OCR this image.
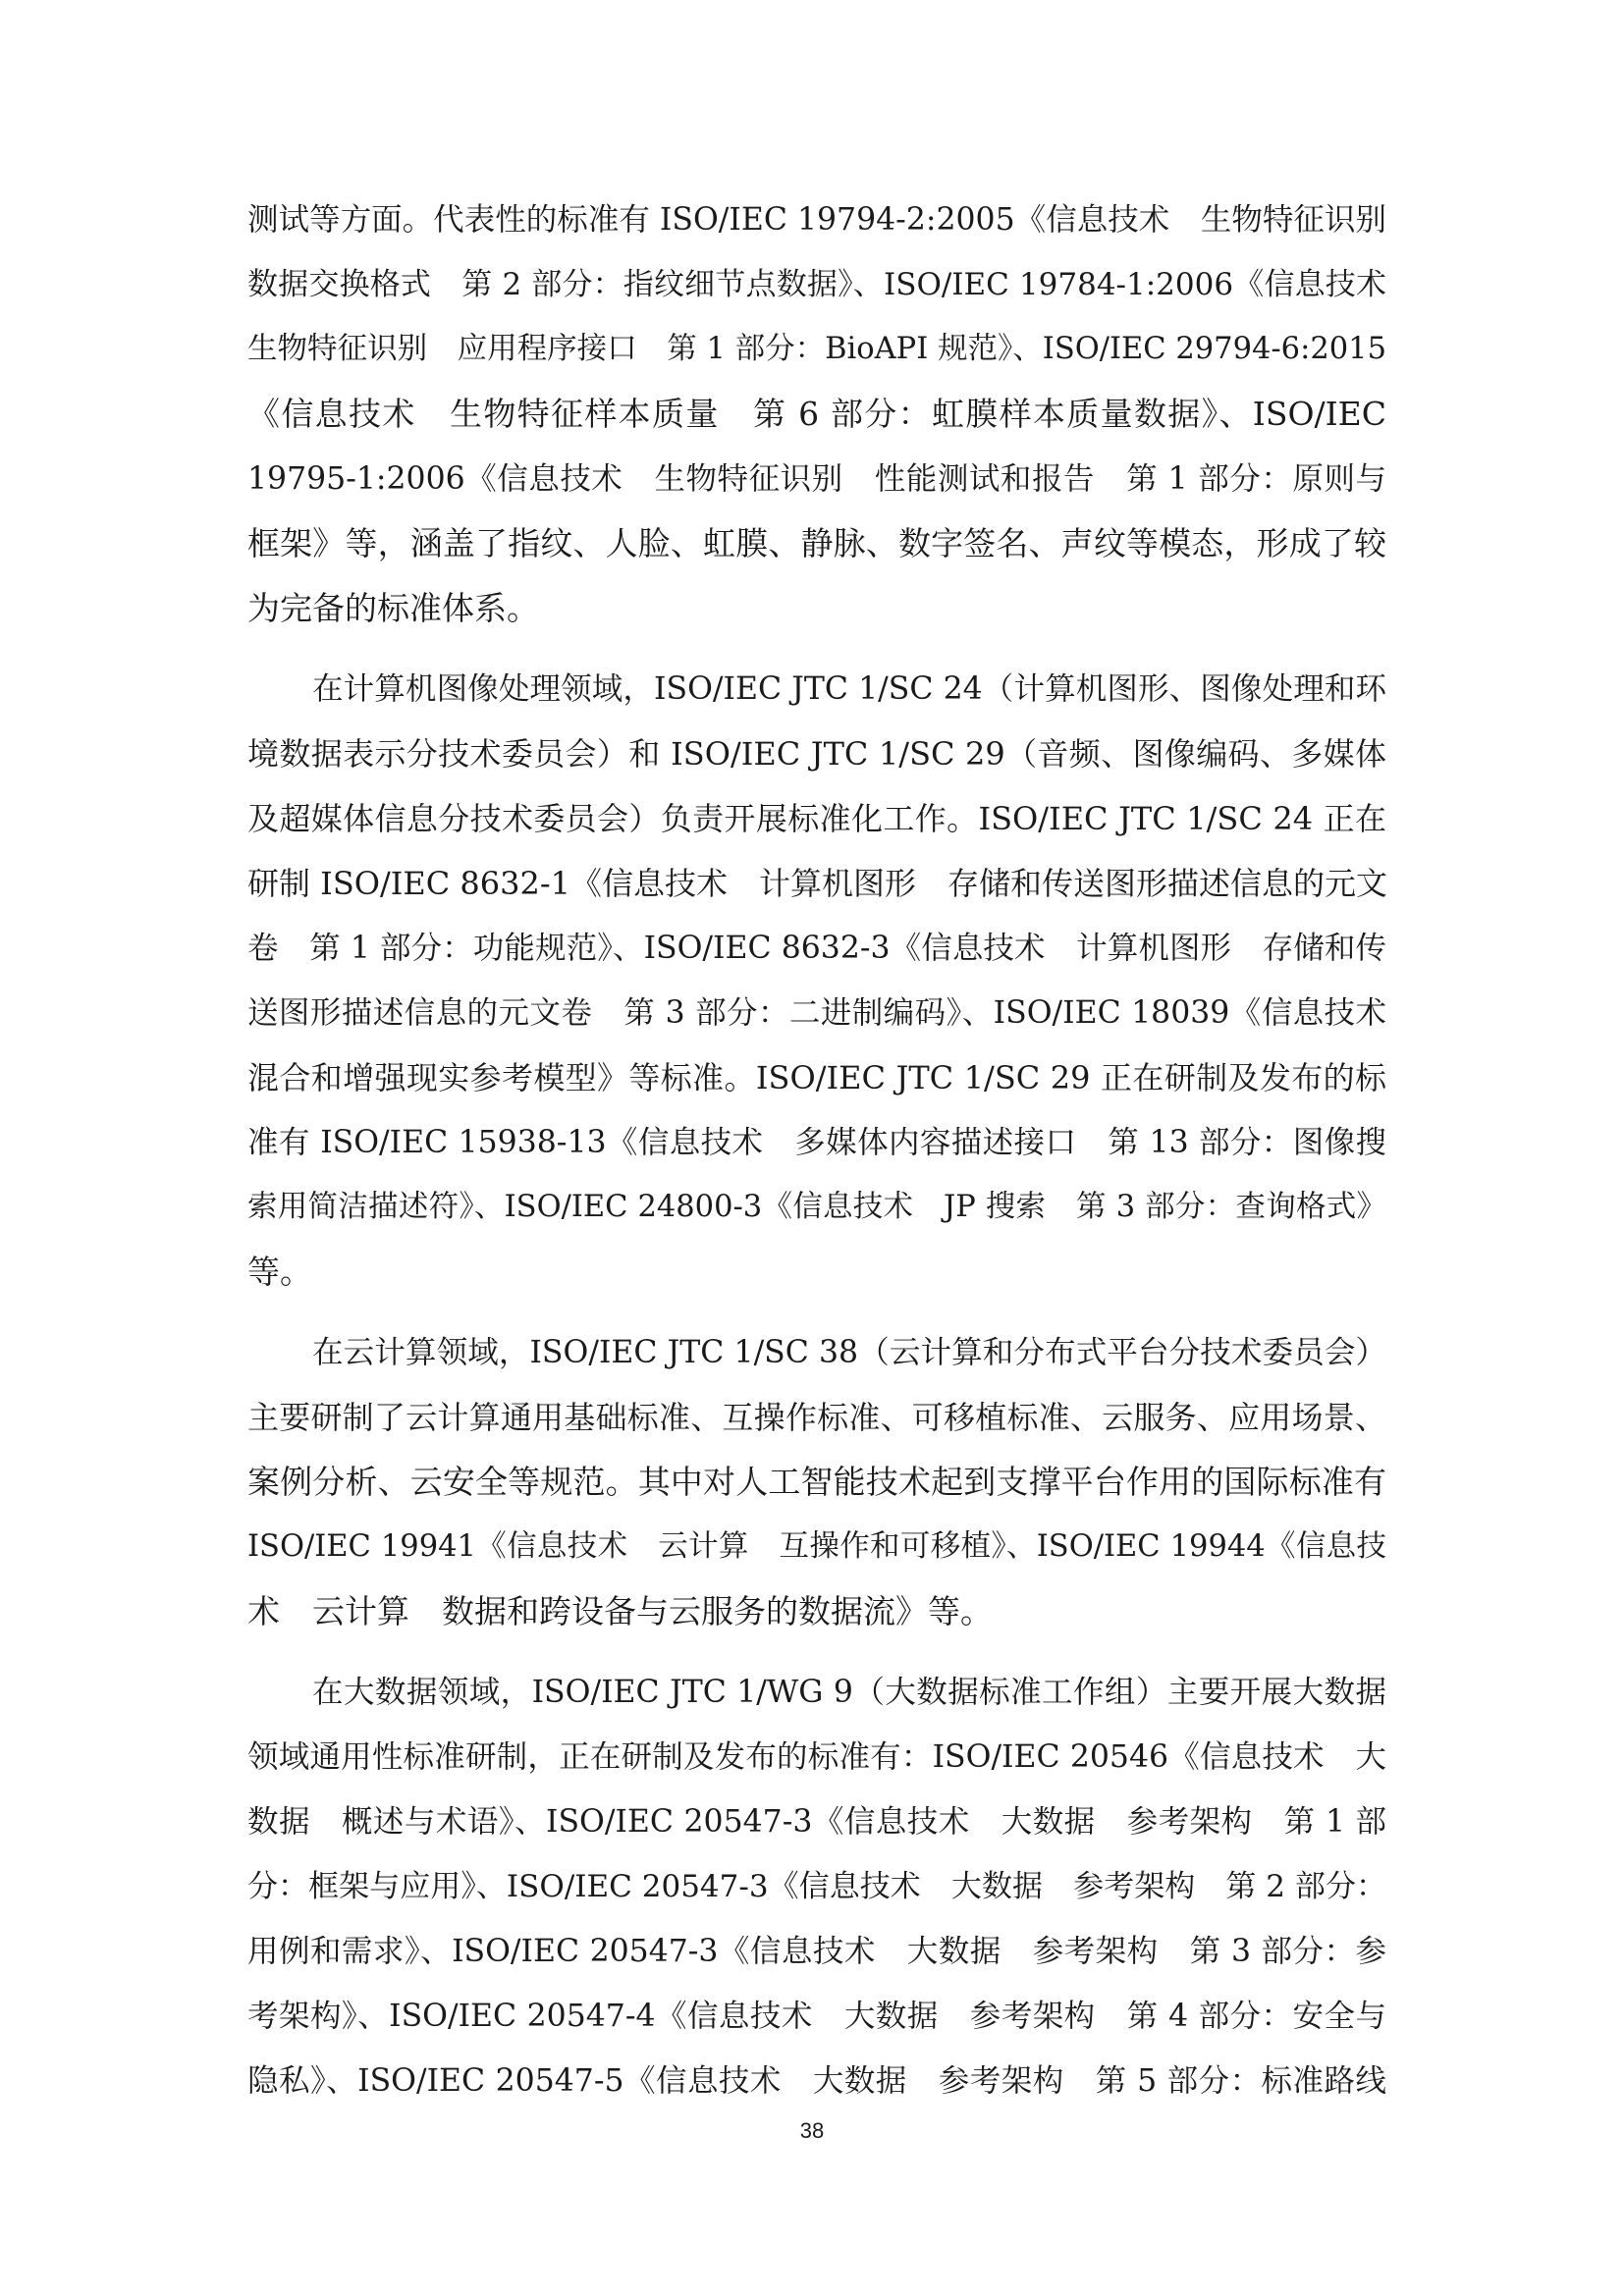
测试等方面。代表性的标准有 ISO/IEC 19794-2:2005《信息技术　生物特征识别
数据交换格式　第 2 部分：指纹细节点数据》、ISO/IEC 19784-1:2006《信息技术
生物特征识别　应用程序接口　第 1 部分：BioAPI 规范》、ISO/IEC 29794-6:2015
《信息技术　生物特征样本质量　第 6 部分：虹膜样本质量数据》、ISO/IEC
19795-1:2006《信息技术　生物特征识别　性能测试和报告　第 1 部分：原则与
框架》等，涵盖了指纹、人脸、虹膜、静脉、数字签名、声纹等模态，形成了较
为完备的标准体系。
在计算机图像处理领域，ISO/IEC JTC 1/SC 24（计算机图形、图像处理和环
境数据表示分技术委员会）和 ISO/IEC JTC 1/SC 29（音频、图像编码、多媒体
及超媒体信息分技术委员会）负责开展标准化工作。ISO/IEC JTC 1/SC 24 正在
研制 ISO/IEC 8632-1《信息技术　计算机图形　存储和传送图形描述信息的元文
卷　第 1 部分：功能规范》、ISO/IEC 8632-3《信息技术　计算机图形　存储和传
送图形描述信息的元文卷　第 3 部分：二进制编码》、ISO/IEC 18039《信息技术
混合和增强现实参考模型》等标准。ISO/IEC JTC 1/SC 29 正在研制及发布的标
准有 ISO/IEC 15938-13《信息技术　多媒体内容描述接口　第 13 部分：图像搜
索用简洁描述符》、ISO/IEC 24800-3《信息技术　JP 搜索　第 3 部分：查询格式》
等。
在云计算领域，ISO/IEC JTC 1/SC 38（云计算和分布式平台分技术委员会）
主要研制了云计算通用基础标准、互操作标准、可移植标准、云服务、应用场景、
案例分析、云安全等规范。其中对人工智能技术起到支撑平台作用的国际标准有
ISO/IEC 19941《信息技术　云计算　互操作和可移植》、ISO/IEC 19944《信息技
术　云计算　数据和跨设备与云服务的数据流》等。
在大数据领域，ISO/IEC JTC 1/WG 9（大数据标准工作组）主要开展大数据
领域通用性标准研制，正在研制及发布的标准有：ISO/IEC 20546《信息技术　大
数据　概述与术语》、ISO/IEC 20547-3《信息技术　大数据　参考架构　第 1 部
分：框架与应用》、ISO/IEC 20547-3《信息技术　大数据　参考架构　第 2 部分：
用例和需求》、ISO/IEC 20547-3《信息技术　大数据　参考架构　第 3 部分：参
考架构》、ISO/IEC 20547-4《信息技术　大数据　参考架构　第 4 部分：安全与
隐私》、ISO/IEC 20547-5《信息技术　大数据　参考架构　第 5 部分：标准路线
38
